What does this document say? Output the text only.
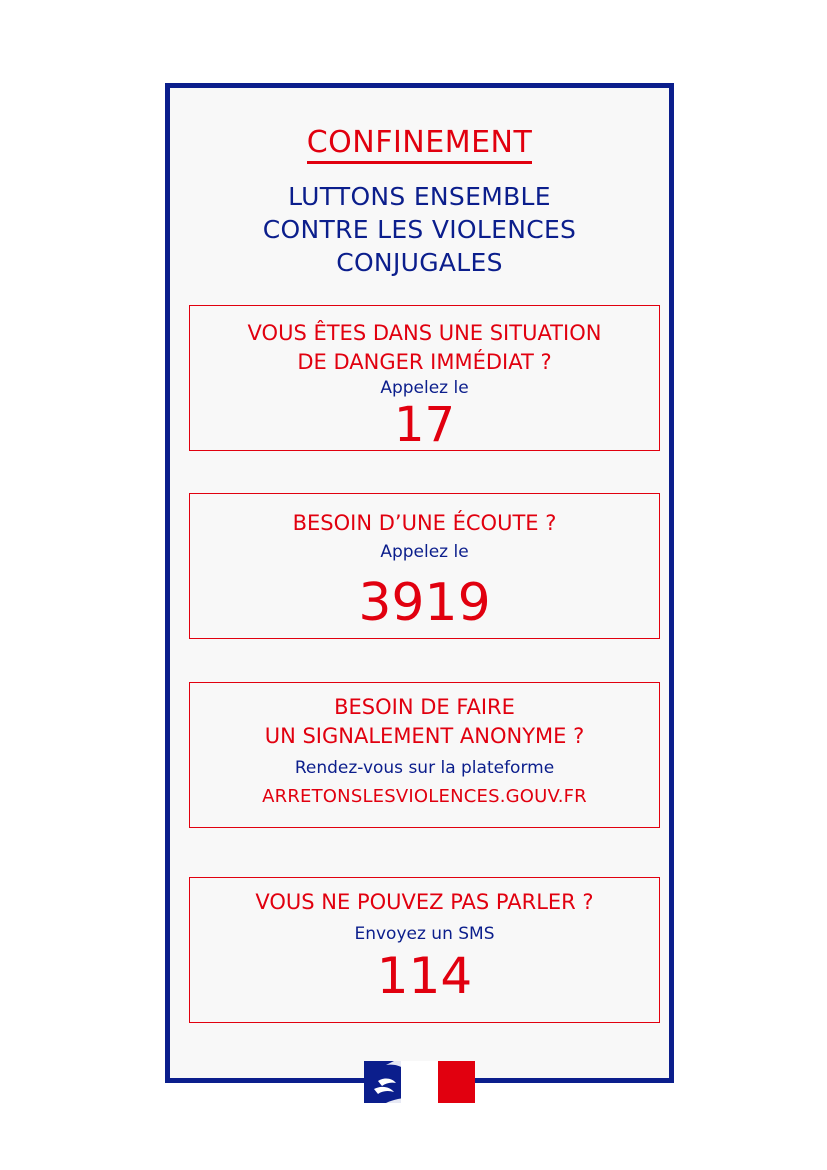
CONFINEMENT
LUTTONS ENSEMBLE
CONTRE LES VIOLENCES
CONJUGALES
VOUS ÊTES DANS UNE SITUATION
DE DANGER IMMÉDIAT ?
Appelez le
17
BESOIN D’UNE ÉCOUTE ?
Appelez le
3919
BESOIN DE FAIRE
UN SIGNALEMENT ANONYME ?
Rendez-vous sur la plateforme
ARRETONSLESVIOLENCES.GOUV.FR
VOUS NE POUVEZ PAS PARLER ?
Envoyez un SMS
114
